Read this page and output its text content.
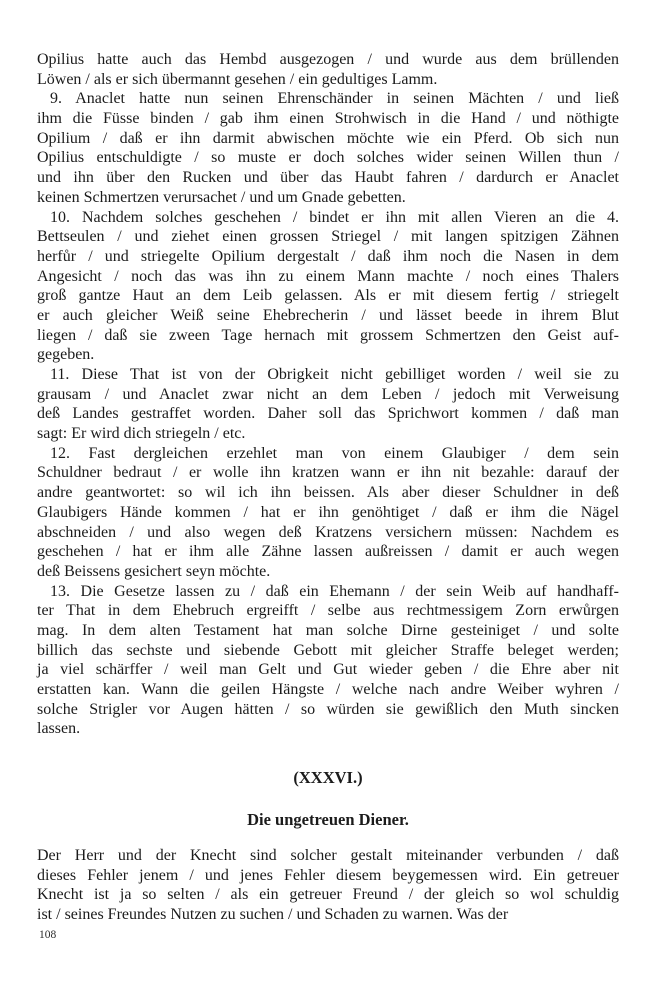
Opilius hatte auch das Hembd ausgezogen / und wurde aus dem brüllenden
Löwen / als er sich übermannt gesehen / ein gedultiges Lamm.
9. Anaclet hatte nun seinen Ehrenschänder in seinen Mächten / und ließ
ihm die Füsse binden / gab ihm einen Strohwisch in die Hand / und nöthigte
Opilium / daß er ihn darmit abwischen möchte wie ein Pferd. Ob sich nun
Opilius entschuldigte / so muste er doch solches wider seinen Willen thun /
und ihn über den Rucken und über das Haubt fahren / dardurch er Anaclet
keinen Schmertzen verursachet / und um Gnade gebetten.
10. Nachdem solches geschehen / bindet er ihn mit allen Vieren an die 4.
Bettseulen / und ziehet einen grossen Striegel / mit langen spitzigen Zähnen
herfůr / und striegelte Opilium dergestalt / daß ihm noch die Nasen in dem
Angesicht / noch das was ihn zu einem Mann machte / noch eines Thalers
groß gantze Haut an dem Leib gelassen. Als er mit diesem fertig / striegelt
er auch gleicher Weiß seine Ehebrecherin / und lässet beede in ihrem Blut
liegen / daß sie zween Tage hernach mit grossem Schmertzen den Geist auf-
gegeben.
11. Diese That ist von der Obrigkeit nicht gebilliget worden / weil sie zu
grausam / und Anaclet zwar nicht an dem Leben / jedoch mit Verweisung
deß Landes gestraffet worden. Daher soll das Sprichwort kommen / daß man
sagt: Er wird dich striegeln / etc.
12. Fast dergleichen erzehlet man von einem Glaubiger / dem sein
Schuldner bedraut / er wolle ihn kratzen wann er ihn nit bezahle: darauf der
andre geantwortet: so wil ich ihn beissen. Als aber dieser Schuldner in deß
Glaubigers Hände kommen / hat er ihn genöhtiget / daß er ihm die Nägel
abschneiden / und also wegen deß Kratzens versichern müssen: Nachdem es
geschehen / hat er ihm alle Zähne lassen außreissen / damit er auch wegen
deß Beissens gesichert seyn möchte.
13. Die Gesetze lassen zu / daß ein Ehemann / der sein Weib auf handhaff-
ter That in dem Ehebruch ergreifft / selbe aus rechtmessigem Zorn erwůrgen
mag. In dem alten Testament hat man solche Dirne gesteiniget / und solte
billich das sechste und siebende Gebott mit gleicher Straffe beleget werden;
ja viel schärffer / weil man Gelt und Gut wieder geben / die Ehre aber nit
erstatten kan. Wann die geilen Hängste / welche nach andre Weiber wyhren /
solche Strigler vor Augen hätten / so würden sie gewißlich den Muth sincken
lassen.
(XXXVI.)
Die ungetreuen Diener.
Der Herr und der Knecht sind solcher gestalt miteinander verbunden / daß
dieses Fehler jenem / und jenes Fehler diesem beygemessen wird. Ein getreuer
Knecht ist ja so selten / als ein getreuer Freund / der gleich so wol schuldig
ist / seines Freundes Nutzen zu suchen / und Schaden zu warnen. Was der
108
